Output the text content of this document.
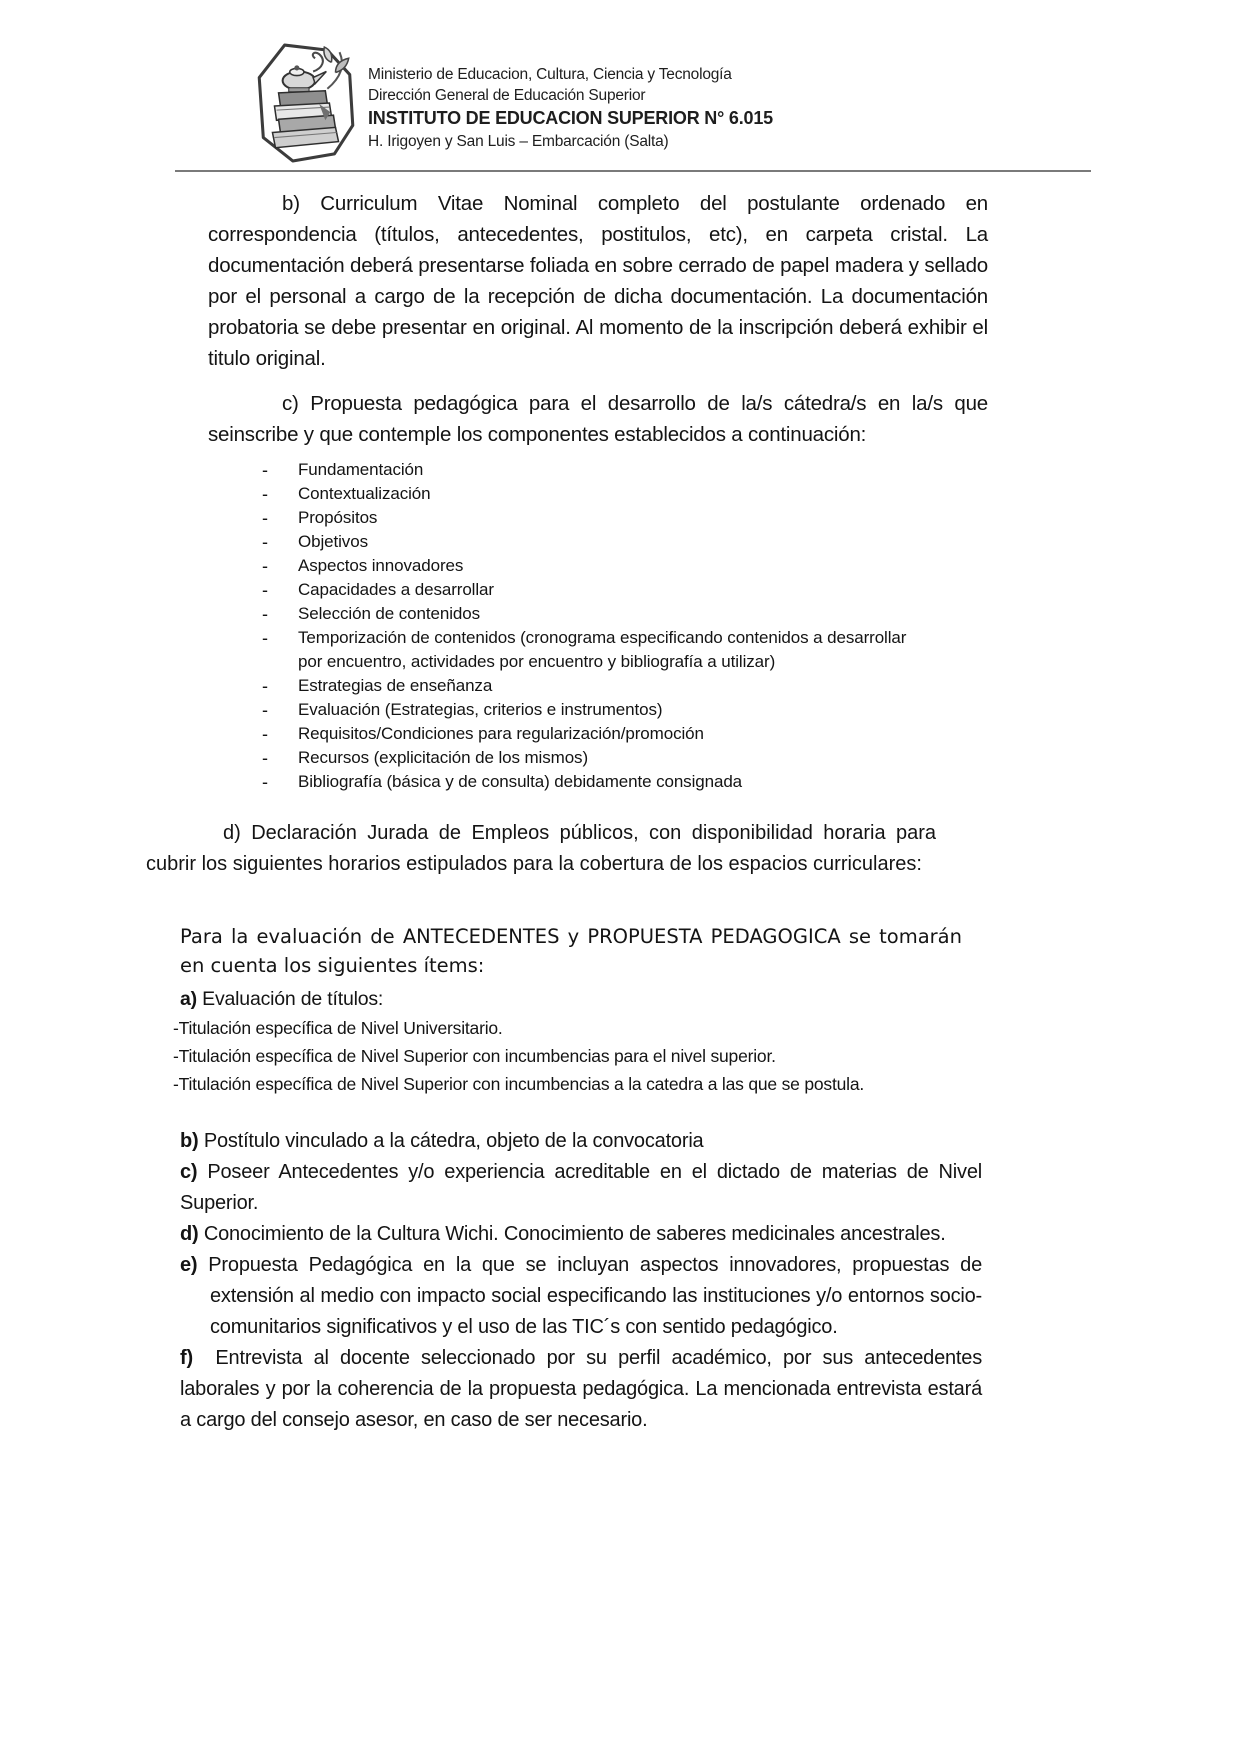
Ministerio de Educacion, Cultura, Ciencia y Tecnología
Dirección General de Educación Superior
INSTITUTO DE EDUCACION SUPERIOR N° 6.015
H. Irigoyen y San Luis – Embarcación (Salta)

b) Curriculum Vitae Nominal completo del postulante ordenado en correspondencia (títulos, antecedentes, postitulos, etc), en carpeta cristal. La documentación deberá presentarse foliada en sobre cerrado de papel madera y sellado por el personal a cargo de la recepción de dicha documentación. La documentación probatoria se debe presentar en original. Al momento de la inscripción deberá exhibir el titulo original.

c) Propuesta pedagógica para el desarrollo de la/s cátedra/s en la/s que seinscribe y que contemple los componentes establecidos a continuación:

-	Fundamentación
-	Contextualización
-	Propósitos
-	Objetivos
-	Aspectos innovadores
-	Capacidades a desarrollar
-	Selección de contenidos
-	Temporización de contenidos (cronograma especificando contenidos a desarrollar por encuentro, actividades por encuentro y bibliografía a utilizar)
-	Estrategias de enseñanza
-	Evaluación (Estrategias, criterios e instrumentos)
-	Requisitos/Condiciones para regularización/promoción
-	Recursos (explicitación de los mismos)
-	Bibliografía (básica y de consulta) debidamente consignada

d) Declaración Jurada de Empleos públicos, con disponibilidad horaria para cubrir los siguientes horarios estipulados para la cobertura de los espacios curriculares:

Para la evaluación de ANTECEDENTES y PROPUESTA PEDAGOGICA se tomarán en cuenta los siguientes ítems:

a) Evaluación de títulos:

-Titulación específica de Nivel Universitario.
-Titulación específica de Nivel Superior con incumbencias para el nivel superior.
-Titulación específica de Nivel Superior con incumbencias a la catedra a las que se postula.

b) Postítulo vinculado a la cátedra, objeto de la convocatoria

c) Poseer Antecedentes y/o experiencia acreditable en el dictado de materias de Nivel Superior.

d) Conocimiento de la Cultura Wichi. Conocimiento de saberes medicinales ancestrales.

e) Propuesta Pedagógica en la que se incluyan aspectos innovadores, propuestas de extensión al medio con impacto social especificando las instituciones y/o entornos socio-comunitarios significativos y el uso de las TIC´s con sentido pedagógico.

f) Entrevista al docente seleccionado por su perfil académico, por sus antecedentes laborales y por la coherencia de la propuesta pedagógica. La mencionada entrevista estará a cargo del consejo asesor, en caso de ser necesario.
